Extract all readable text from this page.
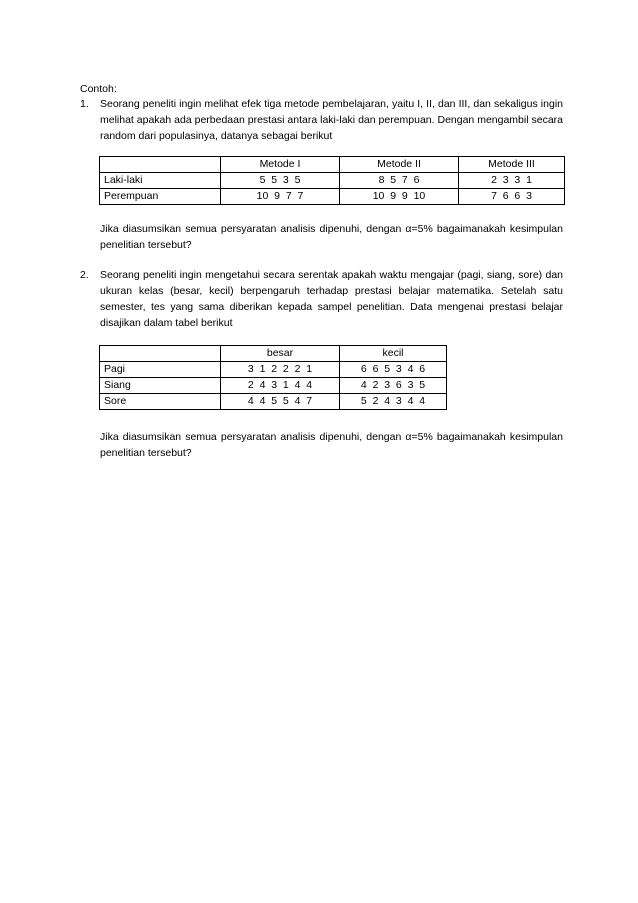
Contoh:
1.	Seorang peneliti ingin melihat efek tiga metode pembelajaran, yaitu I, II, dan III, dan sekaligus ingin melihat apakah ada perbedaan prestasi antara laki-laki dan perempuan. Dengan mengambil secara random dari populasinya, datanya sebagai berikut

	Metode I	Metode II	Metode III
Laki-laki	5  5  3  5	8  5  7  6	2  3  3  1
Perempuan	10  9  7  7	10  9  9  10	7  6  6  3

Jika diasumsikan semua persyaratan analisis dipenuhi, dengan α=5% bagaimanakah kesimpulan penelitian tersebut?

2.	Seorang peneliti ingin mengetahui secara serentak apakah waktu mengajar (pagi, siang, sore) dan ukuran kelas (besar, kecil) berpengaruh terhadap prestasi belajar matematika. Setelah satu semester, tes yang sama diberikan kepada sampel penelitian. Data mengenai prestasi belajar disajikan dalam tabel berikut

	besar	kecil
Pagi	3  1  2  2  2  1	6  6  5  3  4  6
Siang	2  4  3  1  4  4	4  2  3  6  3  5
Sore	4  4  5  5  4  7	5  2  4  3  4  4

Jika diasumsikan semua persyaratan analisis dipenuhi, dengan α=5% bagaimanakah kesimpulan penelitian tersebut?
